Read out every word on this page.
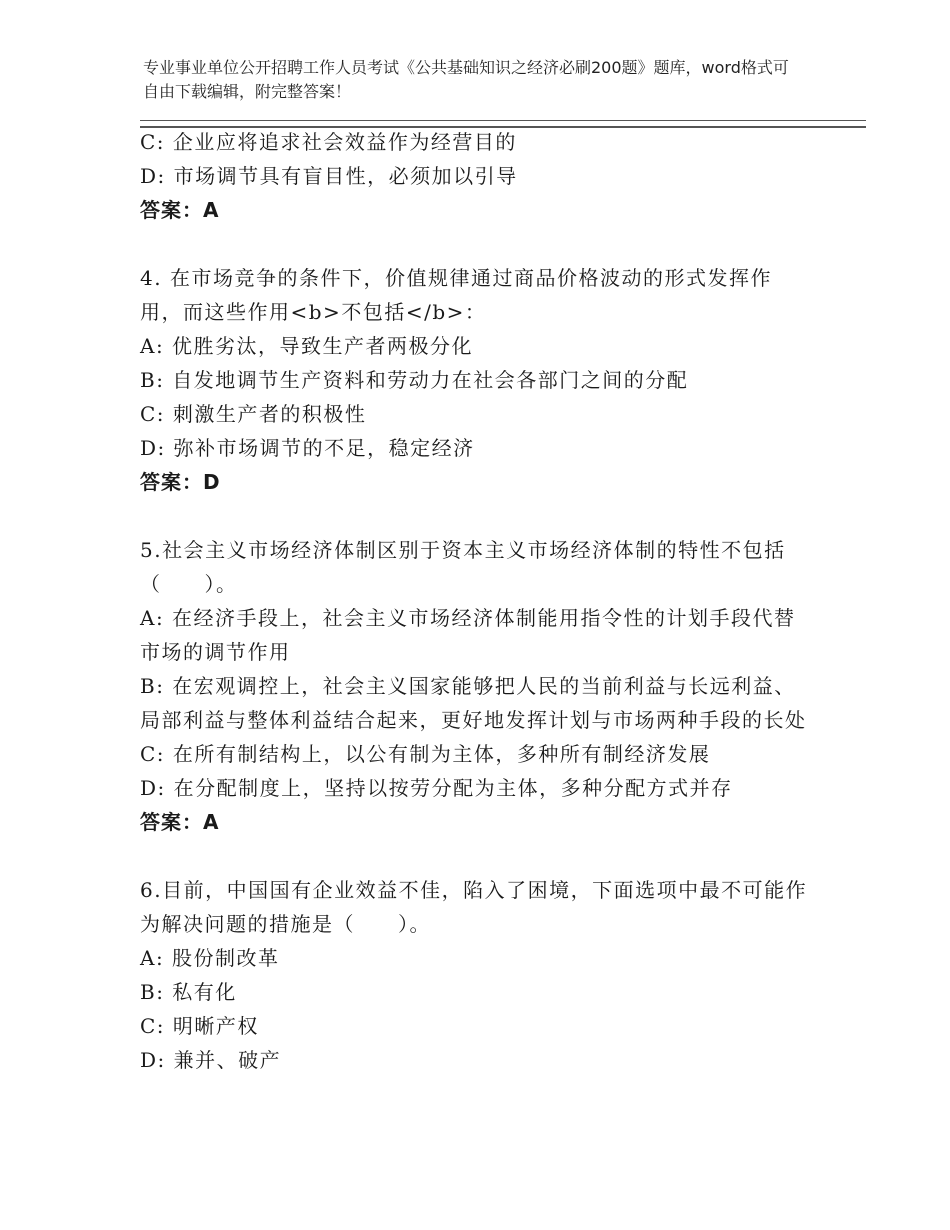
专业事业单位公开招聘工作人员考试《公共基础知识之经济必刷200题》题库，word格式可自由下载编辑，附完整答案！

C: 企业应将追求社会效益作为经营目的

D: 市场调节具有盲目性，必须加以引导

答案：A

4. 在市场竞争的条件下，价值规律通过商品价格波动的形式发挥作用，而这些作用<b>不包括</b>：

A: 优胜劣汰，导致生产者两极分化

B: 自发地调节生产资料和劳动力在社会各部门之间的分配

C: 刺激生产者的积极性

D: 弥补市场调节的不足，稳定经济

答案：D

5.社会主义市场经济体制区别于资本主义市场经济体制的特性不包括（　　）。

A: 在经济手段上，社会主义市场经济体制能用指令性的计划手段代替市场的调节作用

B: 在宏观调控上，社会主义国家能够把人民的当前利益与长远利益、局部利益与整体利益结合起来，更好地发挥计划与市场两种手段的长处

C: 在所有制结构上，以公有制为主体，多种所有制经济发展

D: 在分配制度上，坚持以按劳分配为主体，多种分配方式并存

答案：A

6.目前，中国国有企业效益不佳，陷入了困境，下面选项中最不可能作为解决问题的措施是（　　）。

A: 股份制改革

B: 私有化

C: 明晰产权

D: 兼并、破产
